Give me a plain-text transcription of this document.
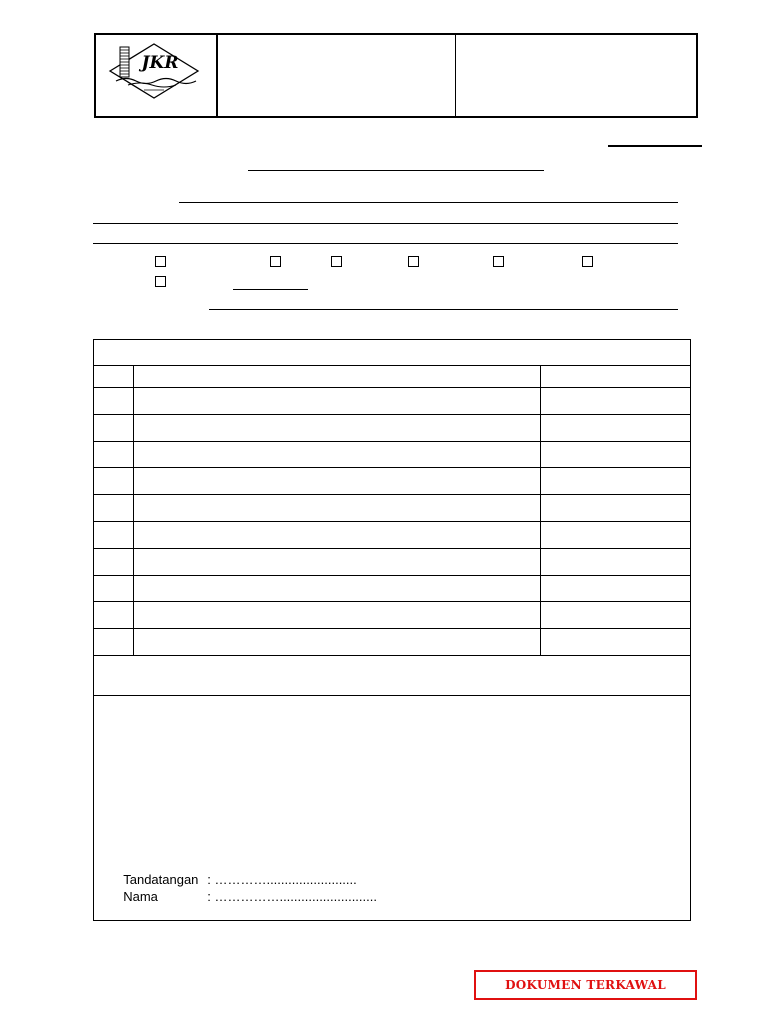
JKR

Tandatangan : ………….........................

Nama	: ……………...........................

DOKUMEN TERKAWAL
